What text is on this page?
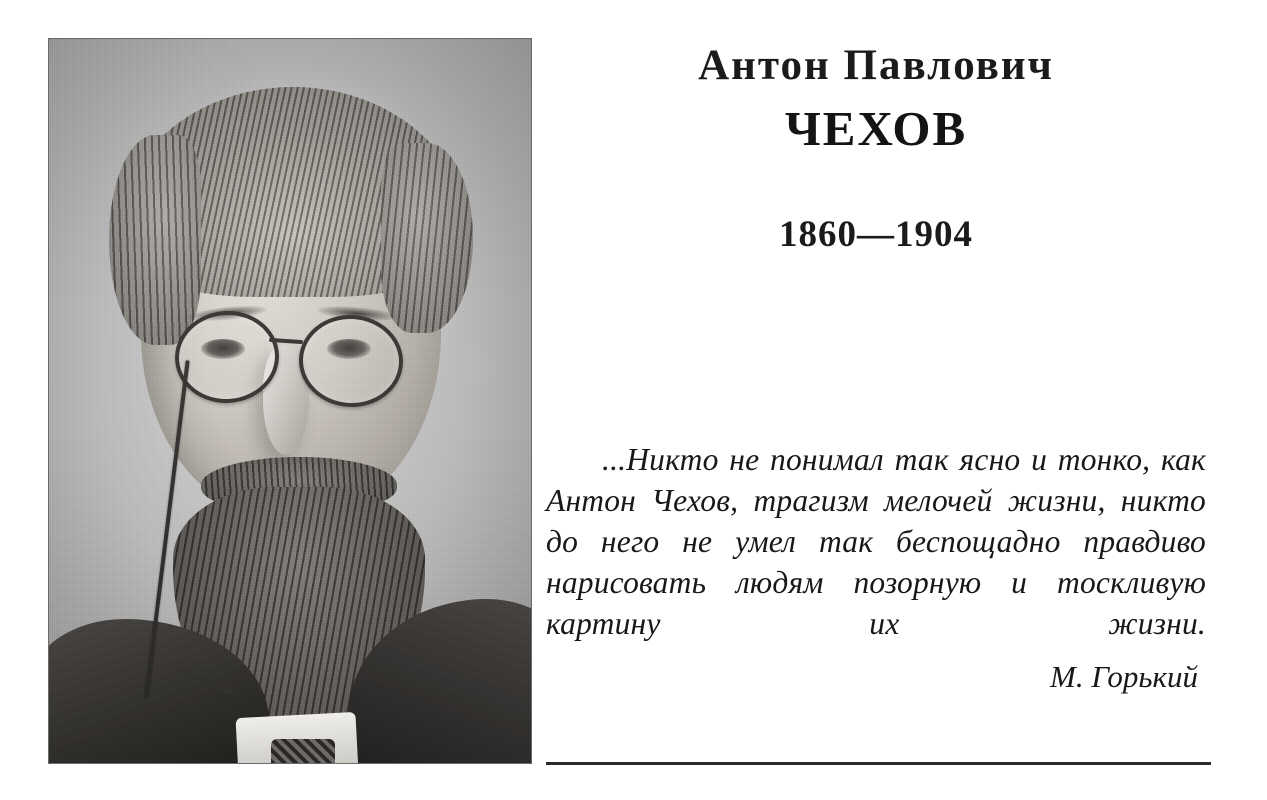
Антон Павлович
ЧЕХОВ
1860—1904
...Никто не понимал так ясно и тонко, как Антон Чехов, трагизм мелочей жизни, никто до него не умел так беспощадно правдиво нарисовать людям позорную и тоскливую картину их жизни.
М. Горький
